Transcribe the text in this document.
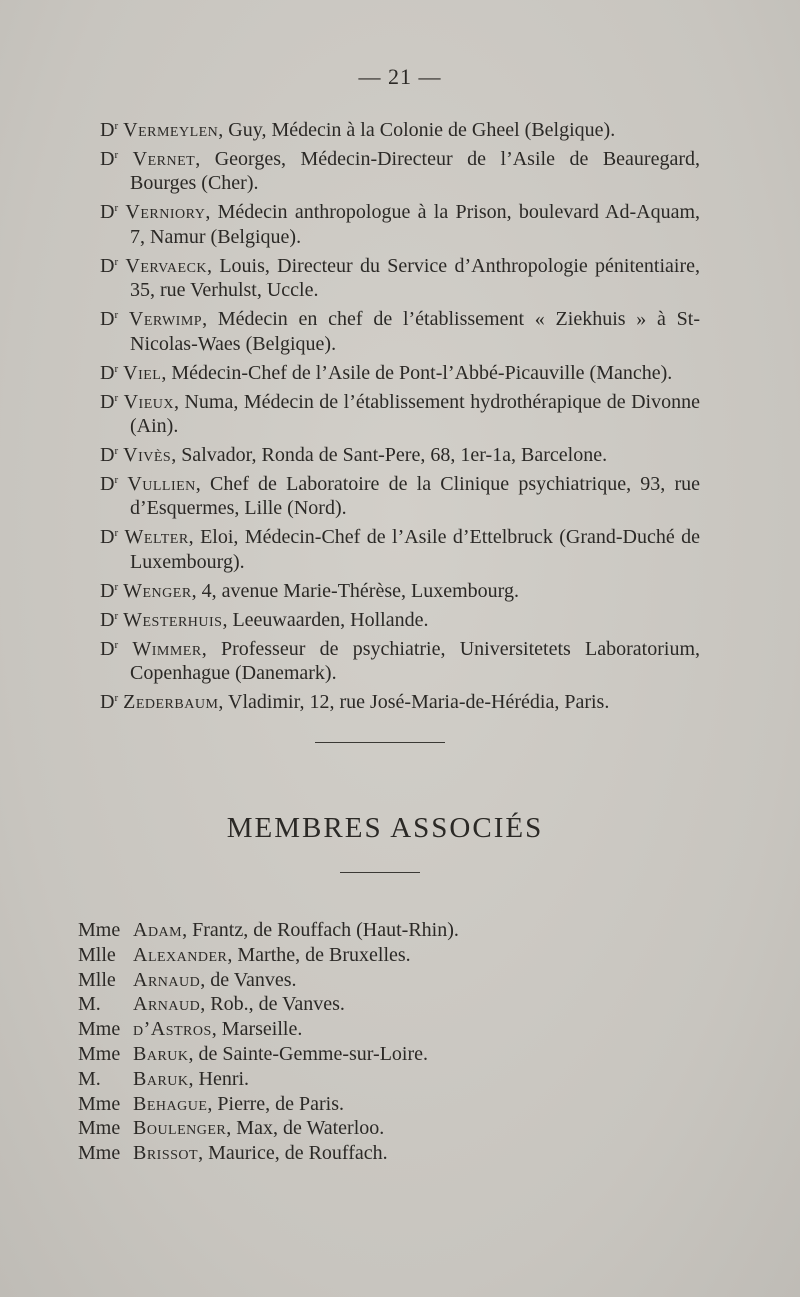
— 21 —

$D^r$ Vermeylen, Guy, Médecin à la Colonie de Gheel (Belgique).

$D^r$ Vernet, Georges, Médecin-Directeur de l’Asile de Beauregard, Bourges (Cher).

$D^r$ Verniory, Médecin anthropologue à la Prison, boulevard Ad-Aquam, 7, Namur (Belgique).

$D^r$ Vervaeck, Louis, Directeur du Service d’Anthropologie pénitentiaire, 35, rue Verhulst, Uccle.

$D^r$ Verwimp, Médecin en chef de l’établissement « Ziekhuis » à St-Nicolas-Waes (Belgique).

$D^r$ Viel, Médecin-Chef de l’Asile de Pont-l’Abbé-Picauville (Manche).

$D^r$ Vieux, Numa, Médecin de l’établissement hydrothérapique de Divonne (Ain).

$D^r$ Vivès, Salvador, Ronda de Sant-Pere, 68, 1er-1a, Barcelone.

$D^r$ Vullien, Chef de Laboratoire de la Clinique psychiatrique, 93, rue d’Esquermes, Lille (Nord).

$D^r$ Welter, Eloi, Médecin-Chef de l’Asile d’Ettelbruck (Grand-Duché de Luxembourg).

$D^r$ Wenger, 4, avenue Marie-Thérèse, Luxembourg.

$D^r$ Westerhuis, Leeuwaarden, Hollande.

$D^r$ Wimmer, Professeur de psychiatrie, Universitetets Laboratorium, Copenhague (Danemark).

$D^r$ Zederbaum, Vladimir, 12, rue José-Maria-de-Hérédia, Paris.

MEMBRES ASSOCIÉS
Mme Adam , Frantz, de Rouffach (Haut-Rhin).
Mlle Alexander , Marthe, de Bruxelles.
Mlle Arnaud , de Vanves.
M.	Arnaud , Rob., de Vanves.
Mme d’Astros , Marseille.
Mme Baruk , de Sainte-Gemme-sur-Loire.
M.	Baruk , Henri.
Mme Behague , Pierre, de Paris.
Mme Boulenger , Max, de Waterloo.
Mme Brissot , Maurice, de Rouffach.
